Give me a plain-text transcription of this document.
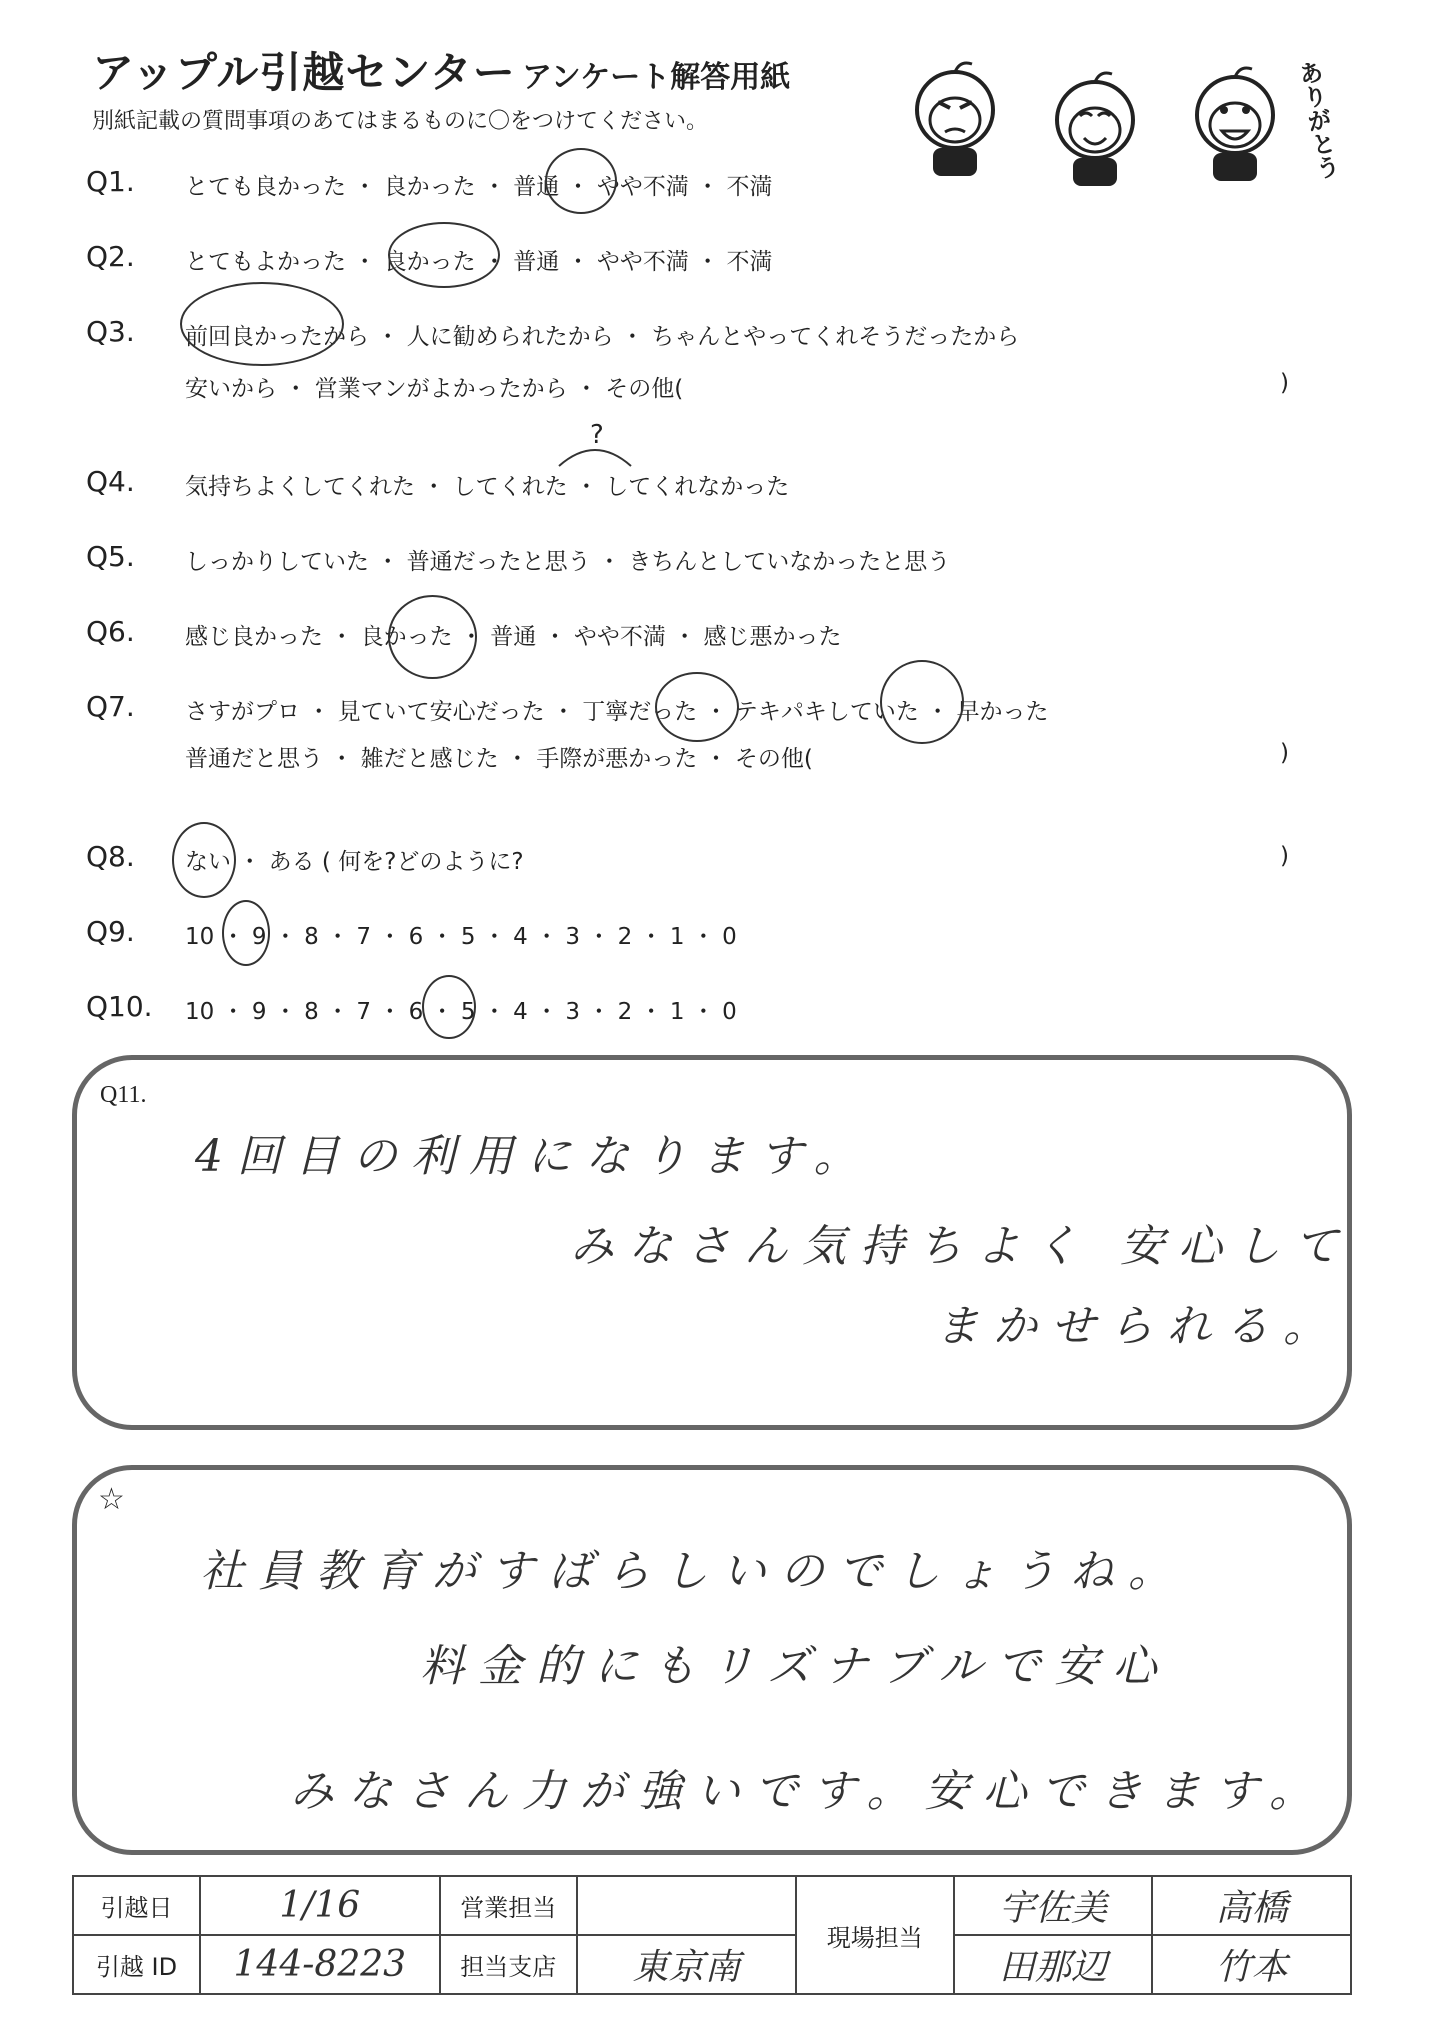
アップル引越センター アンケート解答用紙
別紙記載の質問事項のあてはまるものに〇をつけてください。	ありがとう
Q1. とても良かった ・ 良かった ・ 普通 ・ やや不満 ・ 不満
Q2. とてもよかった ・ 良かった ・ 普通 ・ やや不満 ・ 不満
Q3. 前回良かったから ・ 人に勧められたから ・ ちゃんとやってくれそうだったから
安いから ・ 営業マンがよかったから ・ その他(	)
Q4. 気持ちよくしてくれた ・ してくれた ・ してくれなかった
?
Q5. しっかりしていた ・ 普通だったと思う ・ きちんとしていなかったと思う
Q6. 感じ良かった ・ 良かった ・ 普通 ・ やや不満 ・ 感じ悪かった
Q7. さすがプロ ・ 見ていて安心だった ・ 丁寧だった ・ テキパキしていた ・ 早かった
普通だと思う ・ 雑だと感じた ・ 手際が悪かった ・ その他(	)
Q8. ない ・ ある ( 何を?どのように?	)
Q9. 10 ・ 9 ・ 8 ・ 7 ・ 6 ・ 5 ・ 4 ・ 3 ・ 2 ・ 1 ・ 0
Q10. 10 ・ 9 ・ 8 ・ 7 ・ 6 ・ 5 ・ 4 ・ 3 ・ 2 ・ 1 ・ 0
Q11.
4回目の利用になります。
みなさん気持ちよく 安心して
まかせられる。
☆
社員教育がすばらしいのでしょうね。
料金的にもリズナブルで安心
みなさん力が強いです。安心できます。
引越日	1/16	営業担当		現場担当	宇佐美	高橋
引越 ID	144-8223	担当支店	東京南		田那辺	竹本
